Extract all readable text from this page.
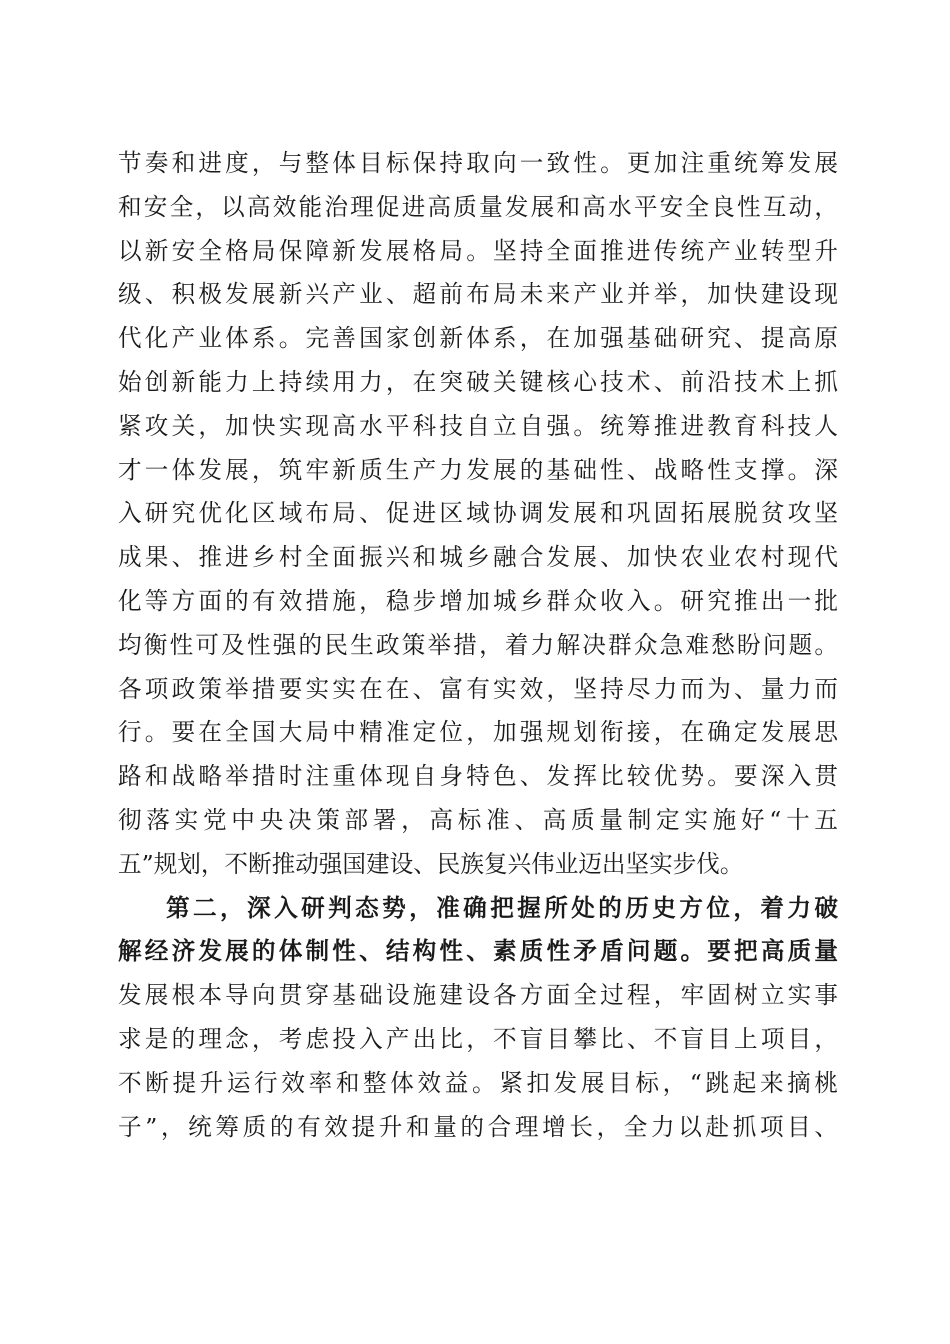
节奏和进度，与整体目标保持取向一致性。更加注重统筹发展
和安全，以高效能治理促进高质量发展和高水平安全良性互动，
以新安全格局保障新发展格局。坚持全面推进传统产业转型升
级、积极发展新兴产业、超前布局未来产业并举，加快建设现
代化产业体系。完善国家创新体系，在加强基础研究、提高原
始创新能力上持续用力，在突破关键核心技术、前沿技术上抓
紧攻关，加快实现高水平科技自立自强。统筹推进教育科技人
才一体发展，筑牢新质生产力发展的基础性、战略性支撑。深
入研究优化区域布局、促进区域协调发展和巩固拓展脱贫攻坚
成果、推进乡村全面振兴和城乡融合发展、加快农业农村现代
化等方面的有效措施，稳步增加城乡群众收入。研究推出一批
均衡性可及性强的民生政策举措，着力解决群众急难愁盼问题。
各项政策举措要实实在在、富有实效，坚持尽力而为、量力而
行。要在全国大局中精准定位，加强规划衔接，在确定发展思
路和战略举措时注重体现自身特色、发挥比较优势。要深入贯
彻落实党中央决策部署，高标准、高质量制定实施好“十五
五”规划，不断推动强国建设、民族复兴伟业迈出坚实步伐。
第二，深入研判态势，准确把握所处的历史方位，着力破
解经济发展的体制性、结构性、素质性矛盾问题。要把高质量
发展根本导向贯穿基础设施建设各方面全过程，牢固树立实事
求是的理念，考虑投入产出比，不盲目攀比、不盲目上项目，
不断提升运行效率和整体效益。紧扣发展目标，“跳起来摘桃
子”，统筹质的有效提升和量的合理增长，全力以赴抓项目、
